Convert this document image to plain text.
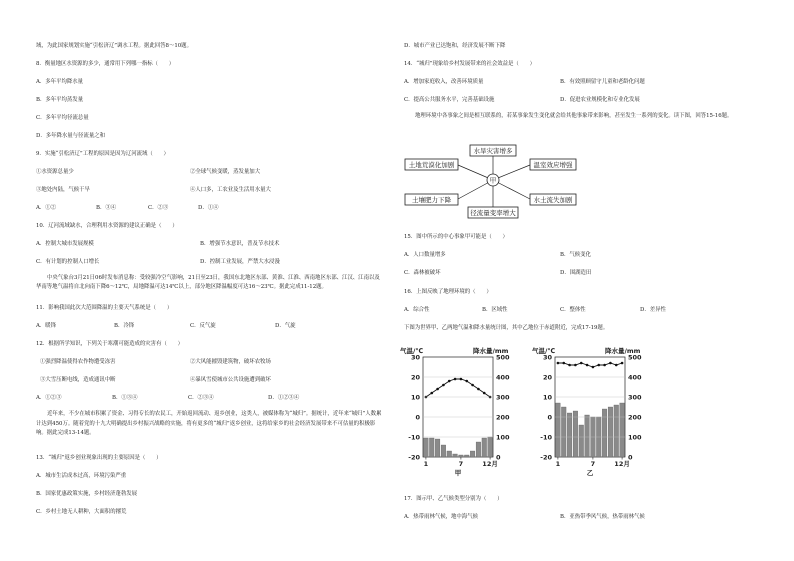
域，为此国家规划实施“引松济辽”调水工程。据此回答8～10题。
8．衡量地区水资源的多少，通常用下列哪一指标（　　）
A．多年平均降水量
B．多年平均蒸发量
C．多年平均径流总量
D．多年降水量与径流量之和
9．实施“引松济辽”工程的原因是因为辽河流域（　　）
①水资源总量少	②全球气候变暖，蒸发量加大
③地处内陆，气候干旱	④人口多，工农业及生活用水量大
A．①②	B．③④	C．②③	D．①④
10．辽河流域缺水，合理利用水资源的建议正确是（　　）
A．控制大城市发展规模	B．增强节水意识，普及节水技术
C．有计划的控制人口增长	D．控制工业发展，严禁大水浸漫
中央气象台3月21日06时发布消息称：受较强冷空气影响，21日至23日，我国东北地区东部、黄淮、江淮、西南地区东部、江汉、江南以及华南等地气温将自北向南下降6～12℃，局地降温可达14℃以上，部分地区降温幅度可达16～23℃。据此完成11-12题。
11．影响我国此次大范围降温的主要天气系统是（　　）
A．暖锋	B．冷锋	C．反气旋	D．气旋
12．根据所学知识，下列关于寒潮可能造成的灾害有（　　）
①强烈降温使得农作物遭受冻害	②大风能摧毁建筑物，破坏农牧场
③大雪压断电线，造成通讯中断	④暴风雪使城市公共设施遭到破坏
A．①②③	B．①③④	C．②③④	D．①②③④
近年来，不少在城市积累了资金、习得专长的农民工，开始返回流动、返乡创业，这类人，被媒体称为“城归”。据统计，近年来“城归”人数累计达到450万。随着党的十九大明确提出乡村振兴战略的实施，将有更多的“城归”返乡创业，这将给家乡的社会经济发展带来不可估量的积极影响。据此完成13-14题。
13．“城归”返乡创业现象出现的主要原因是（　　）
A．城市生活成本过高，环境污染严重
B．国家优惠政策实施，乡村经济蓬勃发展
C．乡村土地无人耕种，大面积的撂荒
D．城市产业已达饱和，经济发展不断下降
14．“城归”现象给乡村发展带来的社会效益是（　　）
A．增加家庭收入，改善环境质量	B．有效照顾留守儿童和老龄化问题
C．提高公共服务水平，完善基础设施	D．促进农业规模化和专业化发展
地理环境中各事象之间是相互联系的，若某事象发生变化就会给其他事象带来影响，甚至发生一系列的变化。读下图，回答15-16题。
水旱灾害增多
土地荒漠化加剧	温室效应增强
甲
土壤肥力下降	水土流失加剧
径流量变率增大
15．图中所示的中心事象甲可能是（　　）
A．人口数量增多	B．气候变化
C．森林被破坏	D．围湖造田
16．上图反映了地理环境的（　　）
A．综合性	B．区域性	C．整体性	D．差异性
下图为世界甲、乙两地气温和降水量统计图，其中乙地位于赤道附近，完成17-19题。
气温/℃	降水量/mm
30
20
10
0
-10
-20
500
400
300
200
100
0
1	7	12月
甲
气温/℃	降水量/mm
30
20
10
0
-10
-20
500
400
300
200
100
0
1	7	12月
乙
17．图示甲、乙气候类型分别为（　　）
A．热带雨林气候，地中海气候	B．亚热带季风气候，热带雨林气候
